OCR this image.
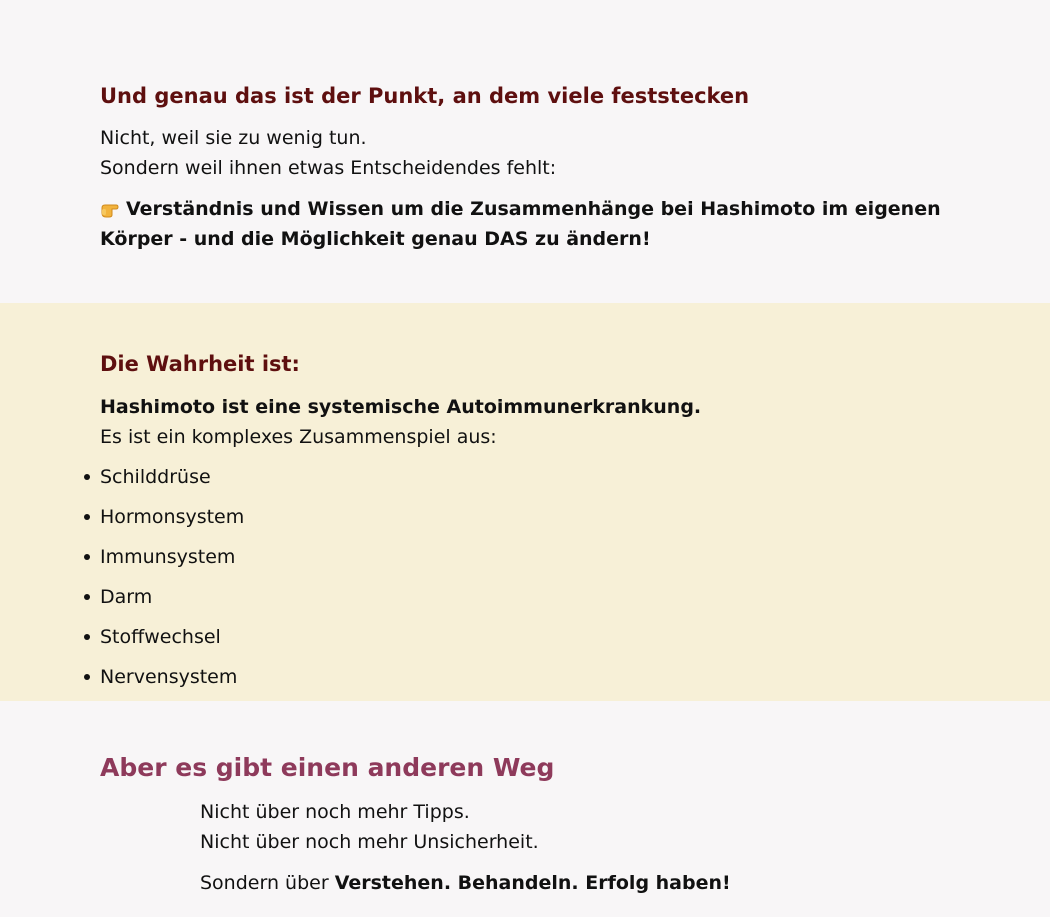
Und genau das ist der Punkt, an dem viele feststecken

Nicht, weil sie zu wenig tun.

Sondern weil ihnen etwas Entscheidendes fehlt:

Verständnis und Wissen um die Zusammenhänge bei Hashimoto im eigenen

Körper - und die Möglichkeit genau DAS zu ändern!

Die Wahrheit ist:

Hashimoto ist eine systemische Autoimmunerkrankung.

Es ist ein komplexes Zusammenspiel aus:

Schilddrüse
Hormonsystem
Immunsystem
Darm
Stoffwechsel
Nervensystem
Aber es gibt einen anderen Weg

Nicht über noch mehr Tipps.

Nicht über noch mehr Unsicherheit.

Sondern über Verstehen. Behandeln. Erfolg haben!
